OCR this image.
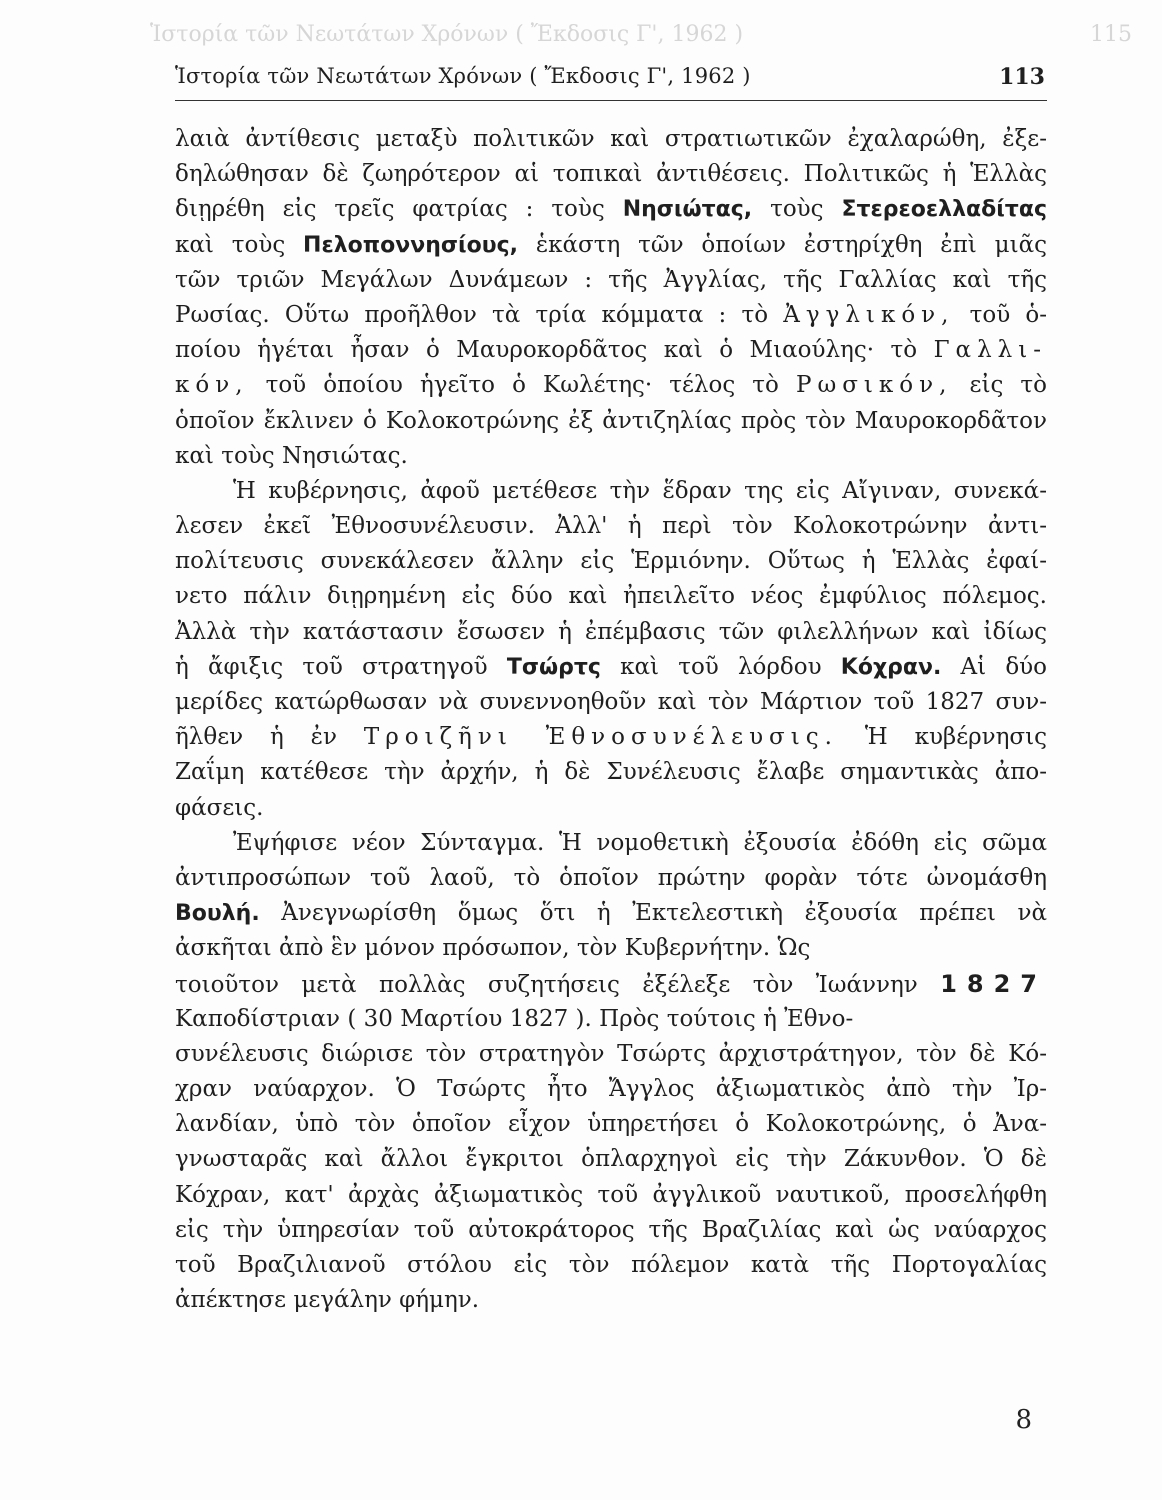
Ἱστορία τῶν Νεωτάτων Χρόνων ( Ἔκδοσις Γ', 1962 )	115
Ἱστορία τῶν Νεωτάτων Χρόνων ( Ἔκδοσις Γ', 1962 )	113
λαιὰ ἀντίθεσις μεταξὺ πολιτικῶν καὶ στρατιωτικῶν ἐχαλαρώθη, ἐξε-
δηλώθησαν δὲ ζωηρότερον αἱ τοπικαὶ ἀντιθέσεις. Πολιτικῶς ἡ Ἑλλὰς
διῃρέθη εἰς τρεῖς φατρίας : τοὺς Νησιώτας, τοὺς Στερεοελλαδίτας
καὶ τοὺς Πελοποννησίους, ἑκάστη τῶν ὁποίων ἐστηρίχθη ἐπὶ μιᾶς
τῶν τριῶν Μεγάλων Δυνάμεων : τῆς Ἀγγλίας, τῆς Γαλλίας καὶ τῆς
Ρωσίας. Οὕτω προῆλθον τὰ τρία κόμματα : τὸ Ἀγγλικόν, τοῦ ὁ-
ποίου ἡγέται ἦσαν ὁ Μαυροκορδᾶτος καὶ ὁ Μιαούλης· τὸ Γαλλι-
κόν, τοῦ ὁποίου ἡγεῖτο ὁ Κωλέτης· τέλος τὸ Ρωσικόν, εἰς τὸ
ὁποῖον ἔκλινεν ὁ Κολοκοτρώνης ἐξ ἀντιζηλίας πρὸς τὸν Μαυροκορδᾶτον
καὶ τοὺς Νησιώτας.
Ἡ κυβέρνησις, ἀφοῦ μετέθεσε τὴν ἕδραν της εἰς Αἴγιναν, συνεκά-
λεσεν ἐκεῖ Ἐθνοσυνέλευσιν. Ἀλλ' ἡ περὶ τὸν Κολοκοτρώνην ἀντι-
πολίτευσις συνεκάλεσεν ἄλλην εἰς Ἑρμιόνην. Οὕτως ἡ Ἑλλὰς ἐφαί-
νετο πάλιν διῃρημένη εἰς δύο καὶ ἠπειλεῖτο νέος ἐμφύλιος πόλεμος.
Ἀλλὰ τὴν κατάστασιν ἔσωσεν ἡ ἐπέμβασις τῶν φιλελλήνων καὶ ἰδίως
ἡ ἄφιξις τοῦ στρατηγοῦ Τσώρτς καὶ τοῦ λόρδου Κόχραν. Αἱ δύο
μερίδες κατώρθωσαν νὰ συνεννοηθοῦν καὶ τὸν Μάρτιον τοῦ 1827 συν-
ῆλθεν ἡ ἐν Τροιζῆνι Ἐθνοσυνέλευσις. Ἡ κυβέρνησις
Ζαΐμη κατέθεσε τὴν ἀρχήν, ἡ δὲ Συνέλευσις ἔλαβε σημαντικὰς ἀπο-
φάσεις.
Ἐψήφισε νέον Σύνταγμα. Ἡ νομοθετικὴ ἐξουσία ἐδόθη εἰς σῶμα
ἀντιπροσώπων τοῦ λαοῦ, τὸ ὁποῖον πρώτην φορὰν τότε ὠνομάσθη
Βουλή. Ἀνεγνωρίσθη ὅμως ὅτι ἡ Ἐκτελεστικὴ ἐξουσία πρέπει νὰ
ἀσκῆται ἀπὸ ἓν μόνον πρόσωπον, τὸν Κυβερνήτην. Ὡς
τοιοῦτον μετὰ πολλὰς συζητήσεις ἐξέλεξε τὸν Ἰωάννην 1827
Καποδίστριαν ( 30 Μαρτίου 1827 ). Πρὸς τούτοις ἡ Ἐθνο-
συνέλευσις διώρισε τὸν στρατηγὸν Τσώρτς ἀρχιστράτηγον, τὸν δὲ Κό-
χραν ναύαρχον. Ὁ Τσώρτς ἦτο Ἄγγλος ἀξιωματικὸς ἀπὸ τὴν Ἰρ-
λανδίαν, ὑπὸ τὸν ὁποῖον εἶχον ὑπηρετήσει ὁ Κολοκοτρώνης, ὁ Ἀνα-
γνωσταρᾶς καὶ ἄλλοι ἔγκριτοι ὁπλαρχηγοὶ εἰς τὴν Ζάκυνθον. Ὁ δὲ
Κόχραν, κατ' ἀρχὰς ἀξιωματικὸς τοῦ ἀγγλικοῦ ναυτικοῦ, προσελήφθη
εἰς τὴν ὑπηρεσίαν τοῦ αὐτοκράτορος τῆς Βραζιλίας καὶ ὡς ναύαρχος
τοῦ Βραζιλιανοῦ στόλου εἰς τὸν πόλεμον κατὰ τῆς Πορτογαλίας
ἀπέκτησε μεγάλην φήμην.
8
